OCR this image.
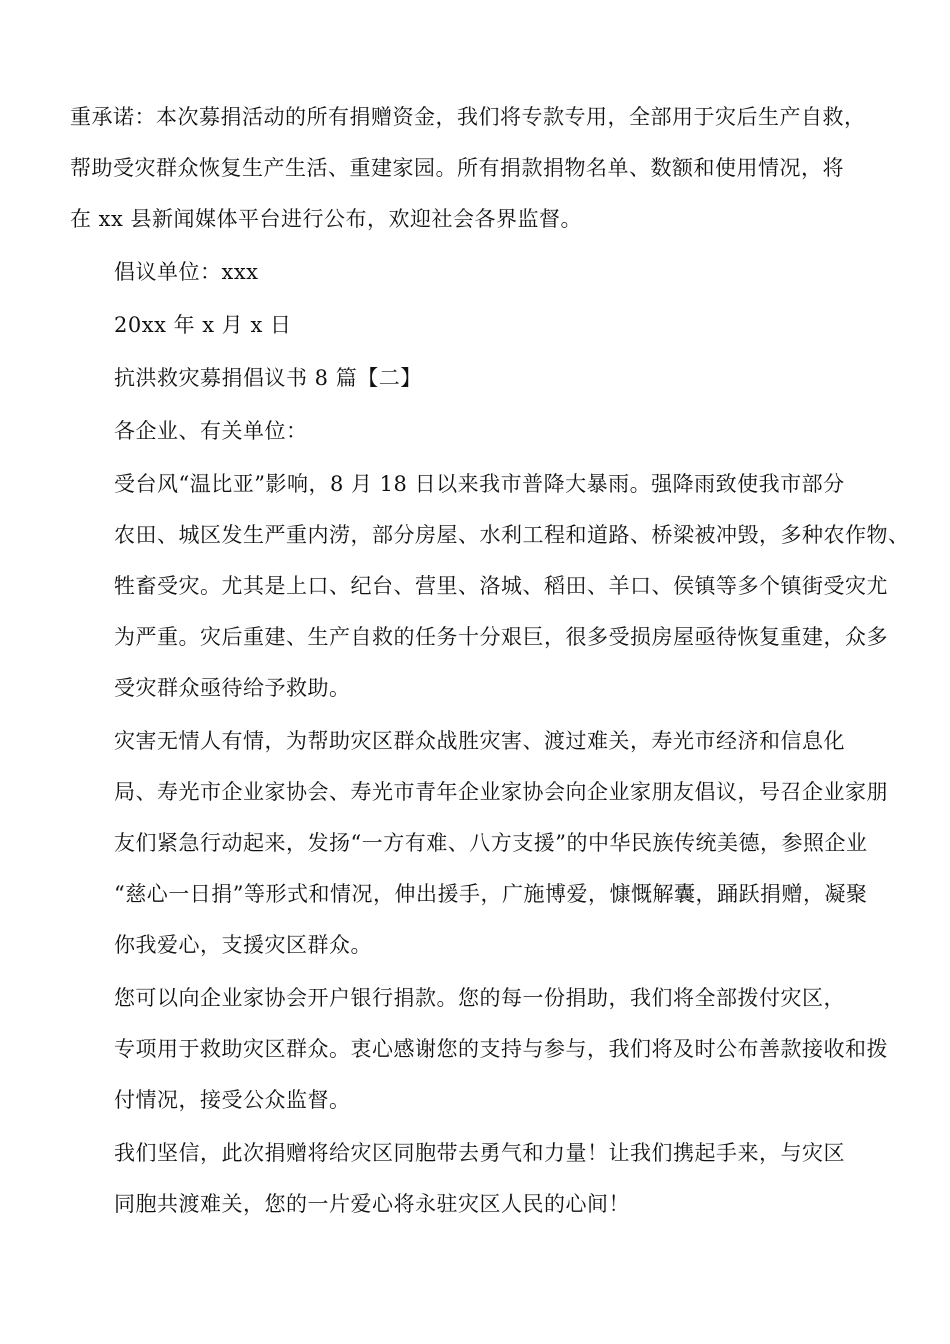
重承诺：本次募捐活动的所有捐赠资金，我们将专款专用，全部用于灾后生产自救，
帮助受灾群众恢复生产生活、重建家园。所有捐款捐物名单、数额和使用情况，将
在 xx 县新闻媒体平台进行公布，欢迎社会各界监督。

倡议单位：xxx

20xx 年 x 月 x 日

抗洪救灾募捐倡议书 8 篇【二】

各企业、有关单位：

受台风“温比亚”影响，8 月 18 日以来我市普降大暴雨。强降雨致使我市部分
农田、城区发生严重内涝，部分房屋、水利工程和道路、桥梁被冲毁，多种农作物、
牲畜受灾。尤其是上口、纪台、营里、洛城、稻田、羊口、侯镇等多个镇街受灾尤
为严重。灾后重建、生产自救的任务十分艰巨，很多受损房屋亟待恢复重建，众多
受灾群众亟待给予救助。

灾害无情人有情，为帮助灾区群众战胜灾害、渡过难关，寿光市经济和信息化
局、寿光市企业家协会、寿光市青年企业家协会向企业家朋友倡议，号召企业家朋
友们紧急行动起来，发扬“一方有难、八方支援”的中华民族传统美德，参照企业
“慈心一日捐”等形式和情况，伸出援手，广施博爱，慷慨解囊，踊跃捐赠，凝聚
你我爱心，支援灾区群众。

您可以向企业家协会开户银行捐款。您的每一份捐助，我们将全部拨付灾区，
专项用于救助灾区群众。衷心感谢您的支持与参与，我们将及时公布善款接收和拨
付情况，接受公众监督。

我们坚信，此次捐赠将给灾区同胞带去勇气和力量！让我们携起手来，与灾区
同胞共渡难关，您的一片爱心将永驻灾区人民的心间！
